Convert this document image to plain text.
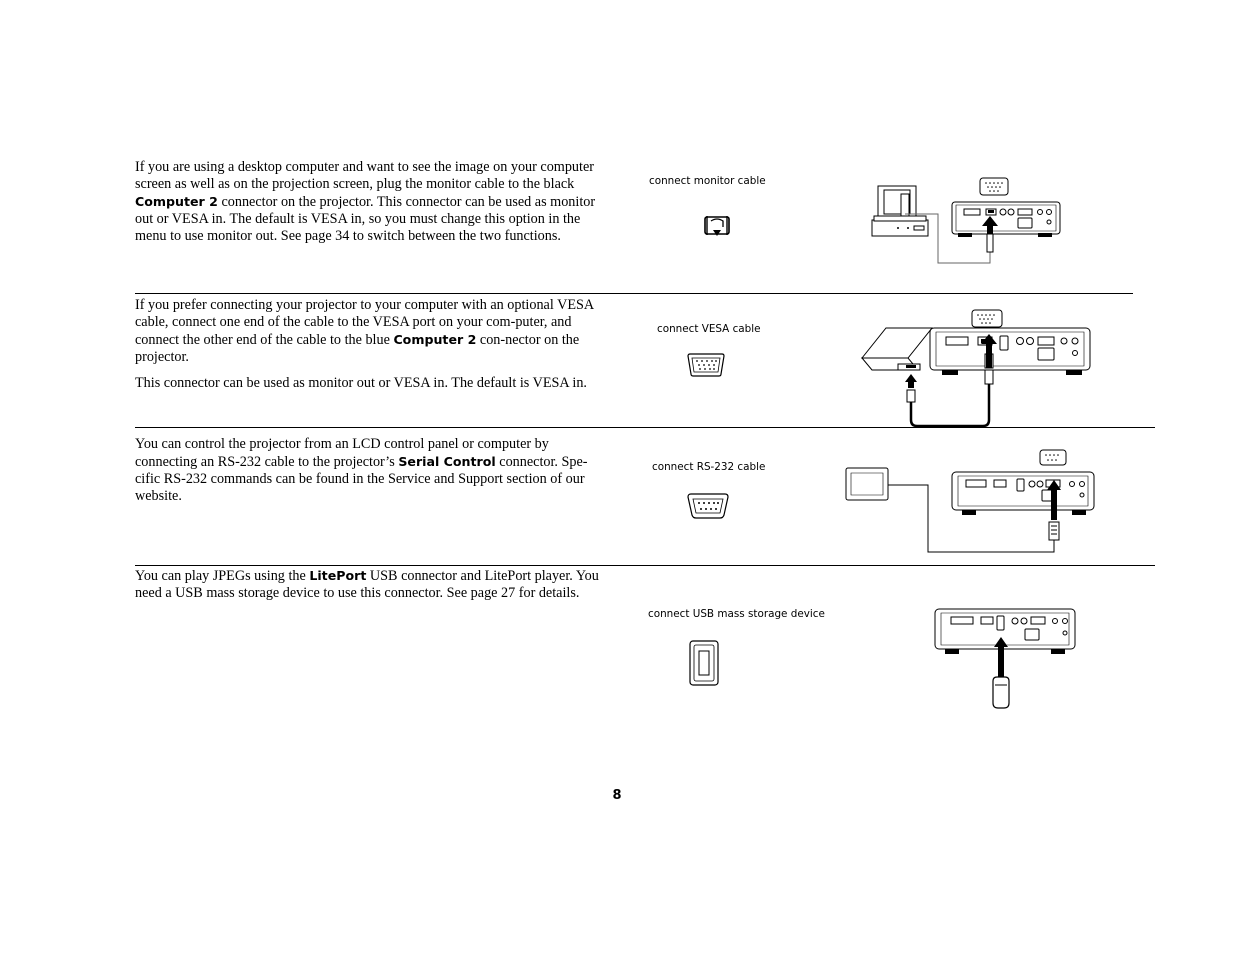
If you are using a desktop computer and want to see the image on your computer screen as well as on the projection screen, plug the monitor cable to the black Computer 2 connector on the projector. This connector can be used as monitor out or VESA in. The default is VESA in, so you must change this option in the menu to use monitor out. See page 34 to switch between the two functions.
connect monitor cable
If you prefer connecting your projector to your computer with an optional VESA cable, connect one end of the cable to the VESA port on your com-puter, and connect the other end of the cable to the blue Computer 2 con-nector on the projector.
This connector can be used as monitor out or VESA in. The default is VESA in.
connect VESA cable
You can control the projector from an LCD control panel or computer by connecting an RS-232 cable to the projector’s Serial Control connector. Spe-cific RS-232 commands can be found in the Service and Support section of our website.
connect RS-232 cable
You can play JPEGs using the LitePort USB connector and LitePort player. You need a USB mass storage device to use this connector. See page 27 for details.
connect USB mass storage device
8
